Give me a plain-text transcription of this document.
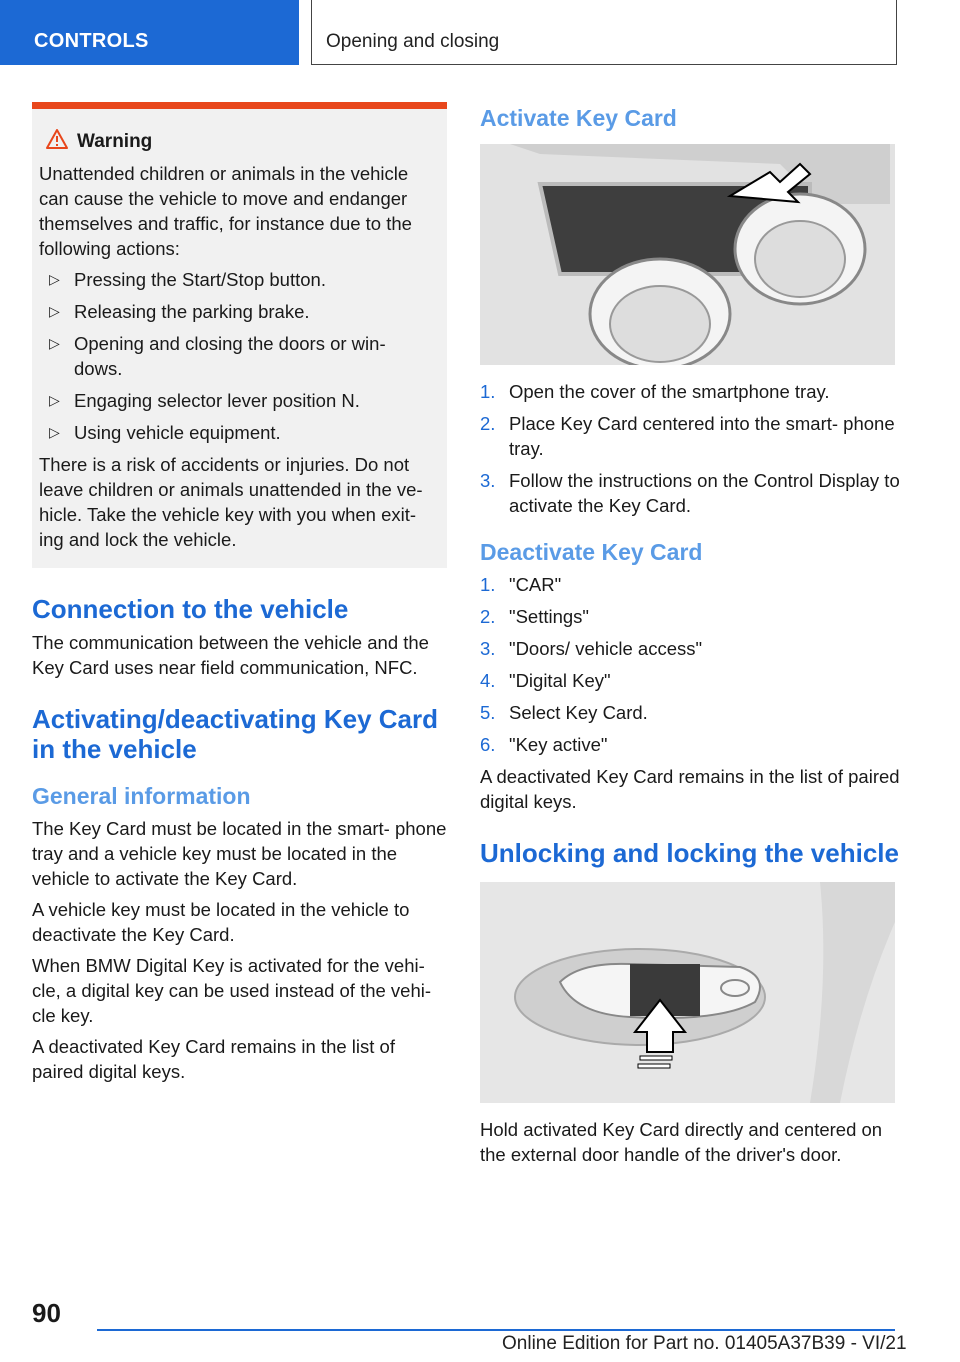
CONTROLS	Opening and closing
Warning

Unattended children or animals in the vehicle can cause the vehicle to move and endanger themselves and traffic, for instance due to the following actions:

▷ Pressing the Start/Stop button.
▷ Releasing the parking brake.
▷ Opening and closing the doors or win- dows.
▷ Engaging selector lever position N.
▷ Using vehicle equipment.

There is a risk of accidents or injuries. Do not leave children or animals unattended in the ve- hicle. Take the vehicle key with you when exit- ing and lock the vehicle.

Connection to the vehicle

The communication between the vehicle and the Key Card uses near field communication, NFC.

Activating/deactivating Key Card in the vehicle
General information

The Key Card must be located in the smart- phone tray and a vehicle key must be located in the vehicle to activate the Key Card.

A vehicle key must be located in the vehicle to deactivate the Key Card.

When BMW Digital Key is activated for the vehi- cle, a digital key can be used instead of the vehi- cle key.

A deactivated Key Card remains in the list of paired digital keys.

Activate Key Card
1. Open the cover of the smartphone tray.
2. Place Key Card centered into the smart- phone tray.
3. Follow the instructions on the Control Display to activate the Key Card.
Deactivate Key Card
1. "CAR"
2. "Settings"
3. "Doors/ vehicle access"
4. "Digital Key"
5. Select Key Card.
6. "Key active"

A deactivated Key Card remains in the list of paired digital keys.

Unlocking and locking the vehicle

Hold activated Key Card directly and centered on the external door handle of the driver's door.

90
Online Edition for Part no. 01405A37B39 - VI/21
